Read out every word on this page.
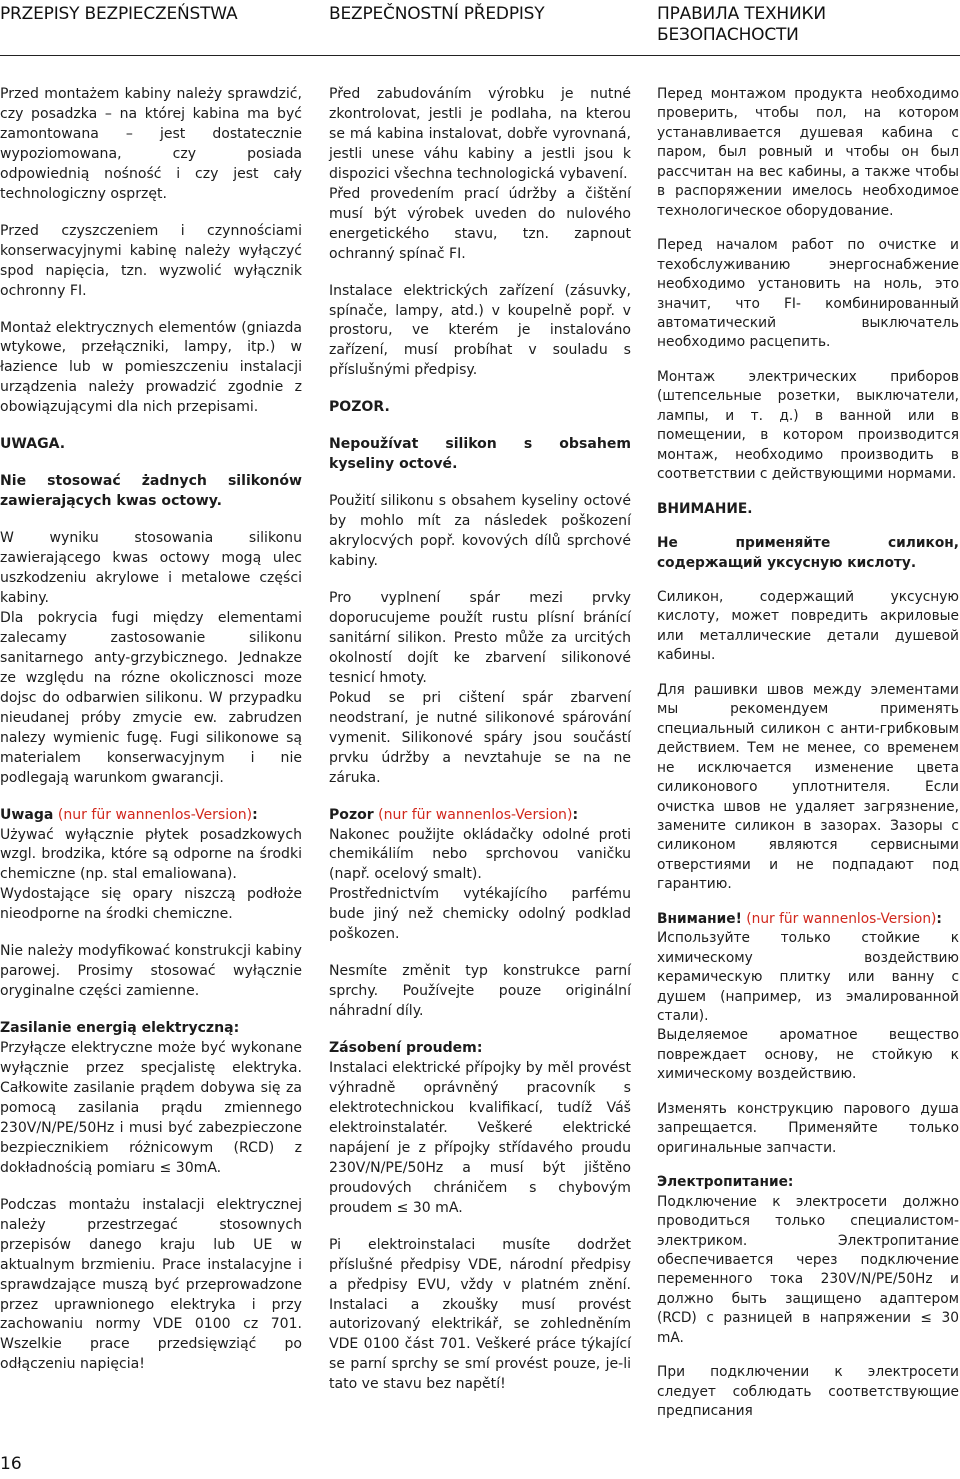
PRZEPISY BEZPIECZEŃSTWA	BEZPEČNOSTNÍ PŘEDPISY	ПРАВИЛА ТЕХНИКИ БЕЗОПАСНОСТИ

Przed montażem kabiny należy sprawdzić, czy posadzka – na której kabina ma być zamontowana – jest dostatecznie wypoziomowana, czy posiada odpowiednią nośność i czy jest cały technologiczny osprzęt.

Przed czyszczeniem i czynnościami konserwacyjnymi kabinę należy wyłączyć spod napięcia, tzn. wyzwolić wyłącznik ochronny FI.

Montaż elektrycznych elementów (gniazda wtykowe, przełączniki, lampy, itp.) w łazience lub w pomieszczeniu instalacji urządzenia należy prowadzić zgodnie z obowiązującymi dla nich przepisami.

UWAGA.

Nie stosować żadnych silikonów zawierających kwas octowy.

W wyniku stosowania silikonu zawierającego kwas octowy mogą ulec uszkodzeniu akrylowe i metalowe części kabiny.

Dla pokrycia fugi między elementami zalecamy zastosowanie silikonu sanitarnego anty-grzybicznego. Jednakze ze względu na rózne okolicznosci moze dojsc do odbarwien silikonu. W przypadku nieudanej próby zmycie ew. zabrudzen nalezy wymienic fugę. Fugi silikonowe są materialem konserwacyjnym i nie podlegają warunkom gwarancji.

Uwaga (nur für wannenlos-Version):

Używać wyłącznie płytek posadzkowych wzgl. brodzika, które są odporne na środki chemiczne (np. stal emaliowana).

Wydostające się opary niszczą podłoże nieodporne na środki chemiczne.

Nie należy modyfikować konstrukcji kabiny parowej. Prosimy stosować wyłącznie oryginalne części zamienne.

Zasilanie energią elektryczną:

Przyłącze elektryczne może być wykonane wyłącznie przez specjalistę elektryka. Całkowite zasilanie prądem dobywa się za pomocą zasilania prądu zmiennego 230V/N/PE/50Hz i musi być zabezpieczone bezpiecznikiem różnicowym (RCD) z dokładnością pomiaru ≤ 30mA.

Podczas montażu instalacji elektrycznej należy przestrzegać stosownych przepisów danego kraju lub UE w aktualnym brzmieniu. Prace instalacyjne i sprawdzające muszą być przeprowadzone przez uprawnionego elektryka i przy zachowaniu normy VDE 0100 cz 701. Wszelkie prace przedsięwziąć po odłączeniu napięcia!

Před zabudováním výrobku je nutné zkontrolovat, jestli je podlaha, na kterou se má kabina instalovat, dobře vyrovnaná, jestli unese váhu kabiny a jestli jsou k dispozici všechna technologická vybavení.

Před provedením prací údržby a čištění musí být výrobek uveden do nulového energetického stavu, tzn. zapnout ochranný spínač FI.

Instalace elektrických zařízení (zásuvky, spínače, lampy, atd.) v koupelně popř. v prostoru, ve kterém je instalováno zařízení, musí probíhat v souladu s příslušnými předpisy.

POZOR.

Nepoužívat silikon s obsahem kyseliny octové.

Použití silikonu s obsahem kyseliny octové by mohlo mít za následek poškození akrylocvých popř. kovových dílů sprchové kabiny.

Pro vyplnení spár mezi prvky doporucujeme použít rustu plísní bránící sanitární silikon. Presto může za urcitých okolností dojít ke zbarvení silikonové tesnicí hmoty.

Pokud se pri cištení spár zbarvení neodstraní, je nutné silikonové spárování vymenit. Silikonové spáry jsou součástí prvku údržby a nevztahuje se na ne záruka.

Pozor (nur für wannenlos-Version):

Nakonec použijte okládačky odolné proti chemikáliím nebo sprchovou vaničku (např. ocelový smalt).

Prostřednictvím vytékajícího parfému bude jiný než chemicky odolný podklad poškozen.

Nesmíte změnit typ konstrukce parní sprchy. Používejte pouze originální náhradní díly.

Zásobení proudem:

Instalaci elektrické přípojky by měl provést výhradně oprávněný pracovník s elektrotechnickou kvalifikací, tudíž Váš elektroinstalatér. Veškeré elektrické napájení je z přípojky střídavého proudu 230V/N/PE/50Hz a musí být jištěno proudových chráničem s chybovým proudem ≤ 30 mA.

Pi elektroinstalaci musíte dodržet příslušné předpisy VDE, národní předpisy a předpisy EVU, vždy v platném znění. Instalaci a zkoušky musí provést autorizovaný elektrikář, se zohledněním VDE 0100 část 701. Veškeré práce týkající se parní sprchy se smí provést pouze, je-li tato ve stavu bez napětí!

Перед монтажом продукта необходимо проверить, чтобы пол, на котором устанавливается душевая кабина с паром, был ровный и чтобы он был рассчитан на вес кабины, а также чтобы в распоряжении имелось необходимое технологическое оборудование.

Перед началом работ по очистке и техобслуживанию энергоснабжение необходимо установить на ноль, это значит, что FI- комбинированный автоматический выключатель необходимо расцепить.

Монтаж электрических приборов (штепсельные розетки, выключатели, лампы, и т. д.) в ванной или в помещении, в котором производится монтаж, необходимо производить в соответствии с действующими нормами.

ВНИМАНИЕ.

Не применяйте силикон, содержащий уксусную кислоту.

Силикон, содержащий уксусную кислоту, может повредить акриловые или металлические детали душевой кабины.

Для рашивки швов между элементами мы рекомендуем применять специальный силикон с анти-грибковым действием. Тем не менее, со временем не исключается изменение цвета силиконового уплотнителя. Если очистка швов не удаляет загрязнение, замените силикон в зазорах. Зазоры с силиконом являются сервисными отверстиями и не подпадают под гарантию.

Внимание! (nur für wannenlos-Version):

Используйте только стойкие к химическому воздействию керамическую плитку или ванну с душем (например, из эмалированной стали).

Выделяемое ароматное вещество повреждает основу, не стойкую к химическому воздействию.

Изменять конструкцию парового душа запрещается. Применяйте только оригинальные запчасти.

Электропитание:

Подключение к электросети должно проводиться только специалистом-электриком. Электропитание обеспечивается через подключение переменного тока 230V/N/PE/50Hz и должно быть защищено адаптером (RCD) с разницей в напряжении ≤ 30 mA.

При подключении к электросети следует соблюдать соответствующие предписания

16
